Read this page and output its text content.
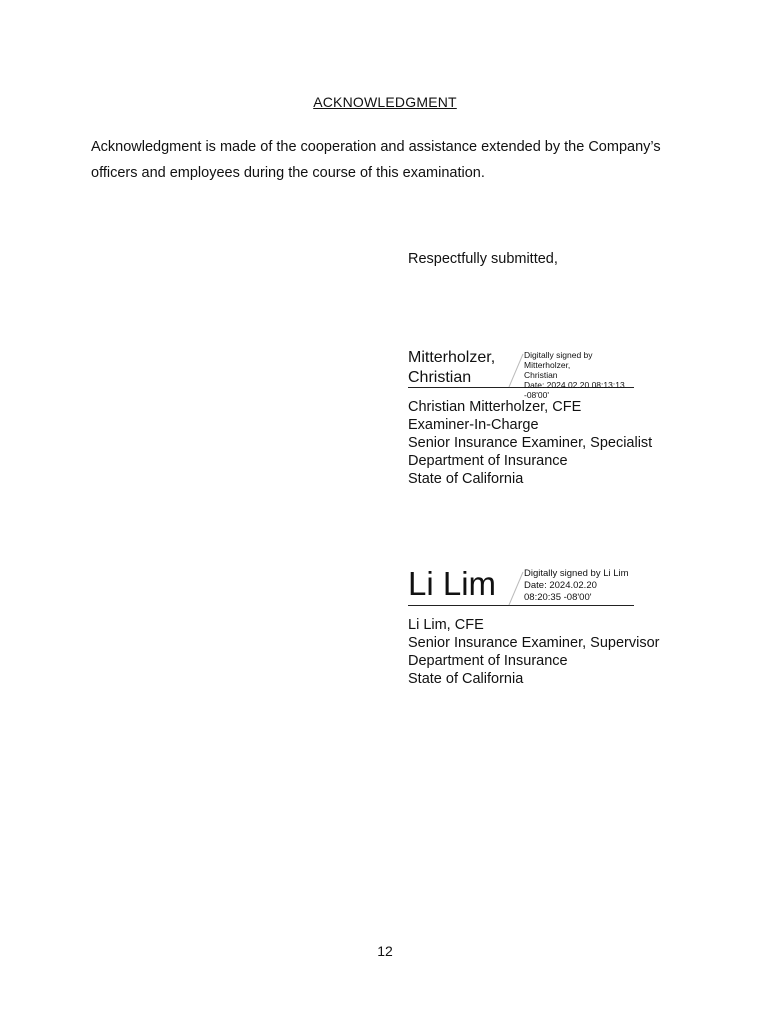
ACKNOWLEDGMENT
Acknowledgment is made of the cooperation and assistance extended by the Company’s officers and employees during the course of this examination.
Respectfully submitted,
Mitterholzer,
Christian
Digitally signed by Mitterholzer,
Christian
Date: 2024.02.20 08:13:13
-08'00'
Christian Mitterholzer, CFE
Examiner-In-Charge
Senior Insurance Examiner, Specialist
Department of Insurance
State of California
Li Lim	Digitally signed by Li Lim
Date: 2024.02.20
08:20:35 -08'00'
Li Lim, CFE
Senior Insurance Examiner, Supervisor
Department of Insurance
State of California
12
